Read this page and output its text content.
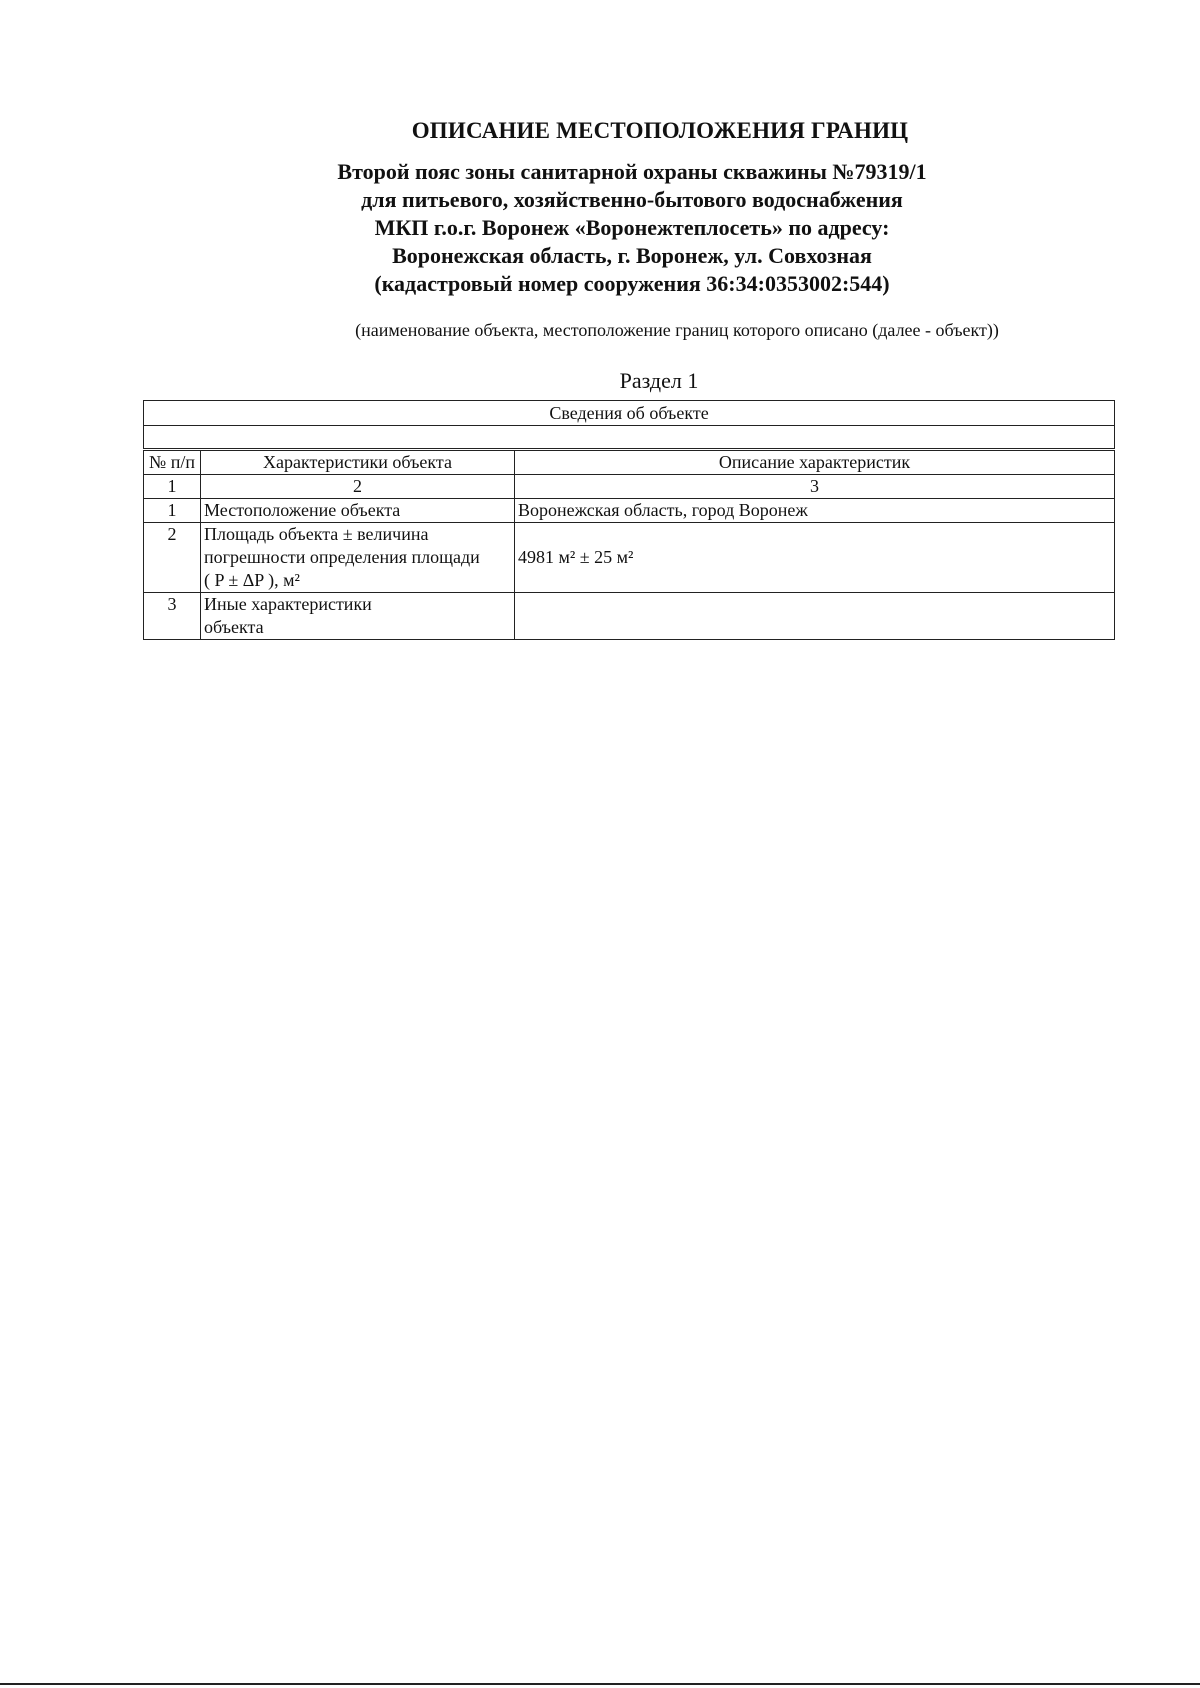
ОПИСАНИЕ МЕСТОПОЛОЖЕНИЯ ГРАНИЦ
Второй пояс зоны санитарной охраны скважины №79319/1
для питьевого, хозяйственно-бытового водоснабжения
МКП г.о.г. Воронеж «Воронежтеплосеть» по адресу:
Воронежская область, г. Воронеж, ул. Совхозная
(кадастровый номер сооружения 36:34:0353002:544)
(наименование объекта, местоположение границ которого описано (далее - объект))
Раздел 1
Сведения об объекте		

№ п/п	Характеристики объекта	Описание характеристик
1	2	3
1	Местоположение объекта	Воронежская область, город Воронеж
2	Площадь объекта ± величина
погрешности определения площади
( P ± ΔP ), м²	4981 м² ± 25 м²
3	Иные характеристики
объекта	
